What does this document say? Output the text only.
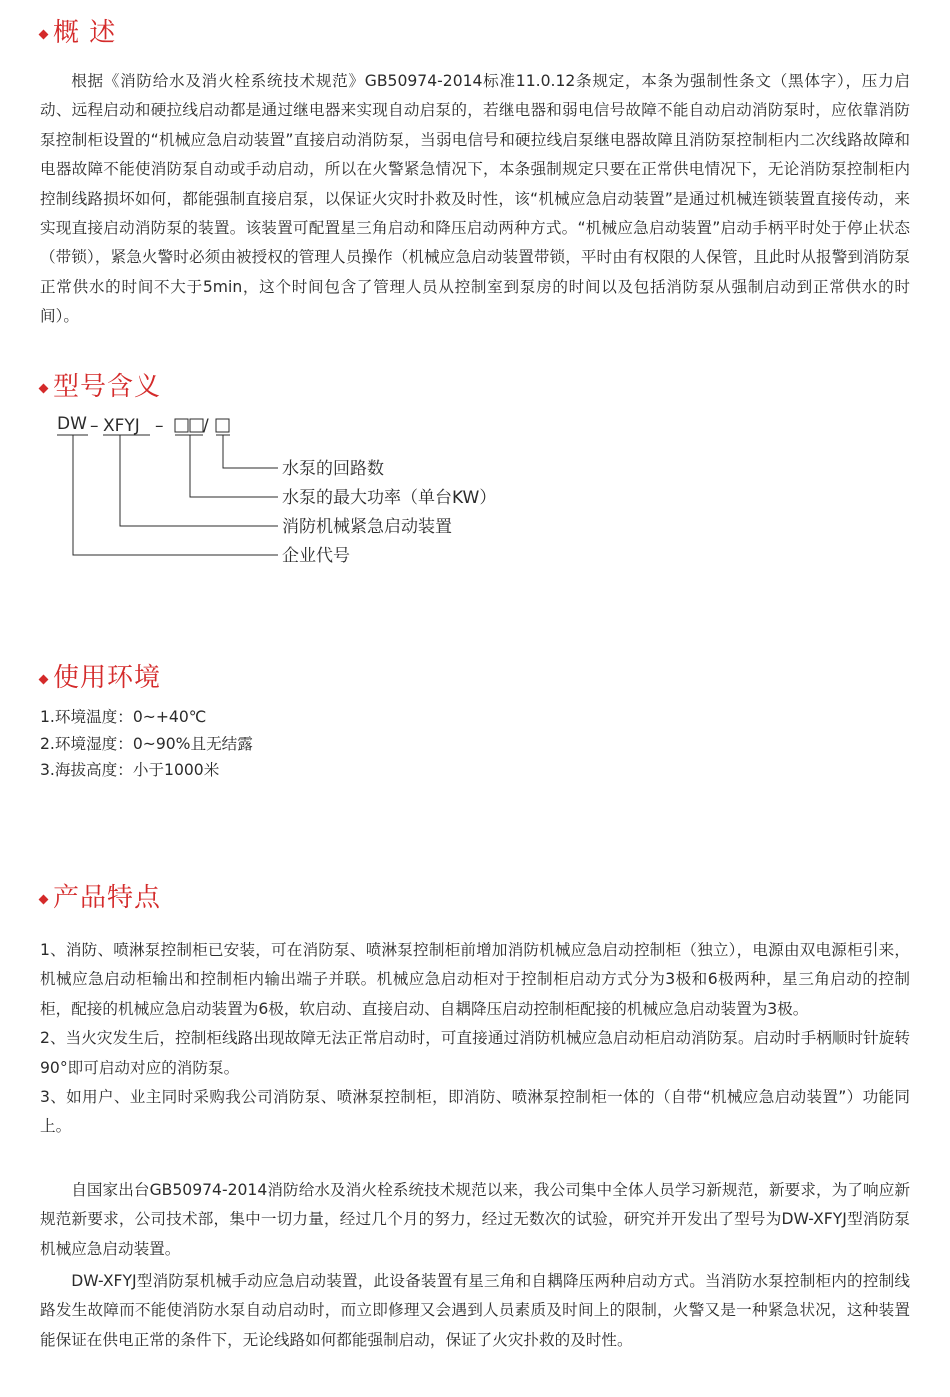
概 述

根据《消防给水及消火栓系统技术规范》GB50974-2014标准11.0.12条规定，本条为强制性条文（黑体字），压力启动、远程启动和硬拉线启动都是通过继电器来实现自动启泵的，若继电器和弱电信号故障不能自动启动消防泵时，应依靠消防泵控制柜设置的“机械应急启动装置”直接启动消防泵，当弱电信号和硬拉线启泵继电器故障且消防泵控制柜内二次线路故障和电器故障不能使消防泵自动或手动启动，所以在火警紧急情况下，本条强制规定只要在正常供电情况下，无论消防泵控制柜内控制线路损坏如何，都能强制直接启泵，以保证火灾时扑救及时性，该“机械应急启动装置”是通过机械连锁装置直接传动，来实现直接启动消防泵的装置。该装置可配置星三角启动和降压启动两种方式。“机械应急启动装置”启动手柄平时处于停止状态（带锁），紧急火警时必须由被授权的管理人员操作（机械应急启动装置带锁，平时由有权限的人保管，且此时从报警到消防泵正常供水的时间不大于5min，这个时间包含了管理人员从控制室到泵房的时间以及包括消防泵从强制启动到正常供水的时间）。

型号含义
DW – XFYJ – /
水泵的回路数
水泵的最大功率（单台KW）
消防机械紧急启动装置
企业代号
使用环境
1.环境温度：0~+40℃
2.环境湿度：0~90%且无结露
3.海拔高度：小于1000米
产品特点
1、消防、喷淋泵控制柜已安装，可在消防泵、喷淋泵控制柜前增加消防机械应急启动控制柜（独立），电源由双电源柜引来，机械应急启动柜输出和控制柜内输出端子并联。机械应急启动柜对于控制柜启动方式分为3极和6极两种，星三角启动的控制柜，配接的机械应急启动装置为6极，软启动、直接启动、自耦降压启动控制柜配接的机械应急启动装置为3极。
2、当火灾发生后，控制柜线路出现故障无法正常启动时，可直接通过消防机械应急启动柜启动消防泵。启动时手柄顺时针旋转90°即可启动对应的消防泵。
3、如用户、业主同时采购我公司消防泵、喷淋泵控制柜，即消防、喷淋泵控制柜一体的（自带“机械应急启动装置”）功能同上。

自国家出台GB50974-2014消防给水及消火栓系统技术规范以来，我公司集中全体人员学习新规范，新要求，为了响应新规范新要求，公司技术部，集中一切力量，经过几个月的努力，经过无数次的试验，研究并开发出了型号为DW-XFYJ型消防泵机械应急启动装置。

DW-XFYJ型消防泵机械手动应急启动装置，此设备装置有星三角和自耦降压两种启动方式。当消防水泵控制柜内的控制线路发生故障而不能使消防水泵自动启动时，而立即修理又会遇到人员素质及时间上的限制，火警又是一种紧急状况，这种装置能保证在供电正常的条件下，无论线路如何都能强制启动，保证了火灾扑救的及时性。
